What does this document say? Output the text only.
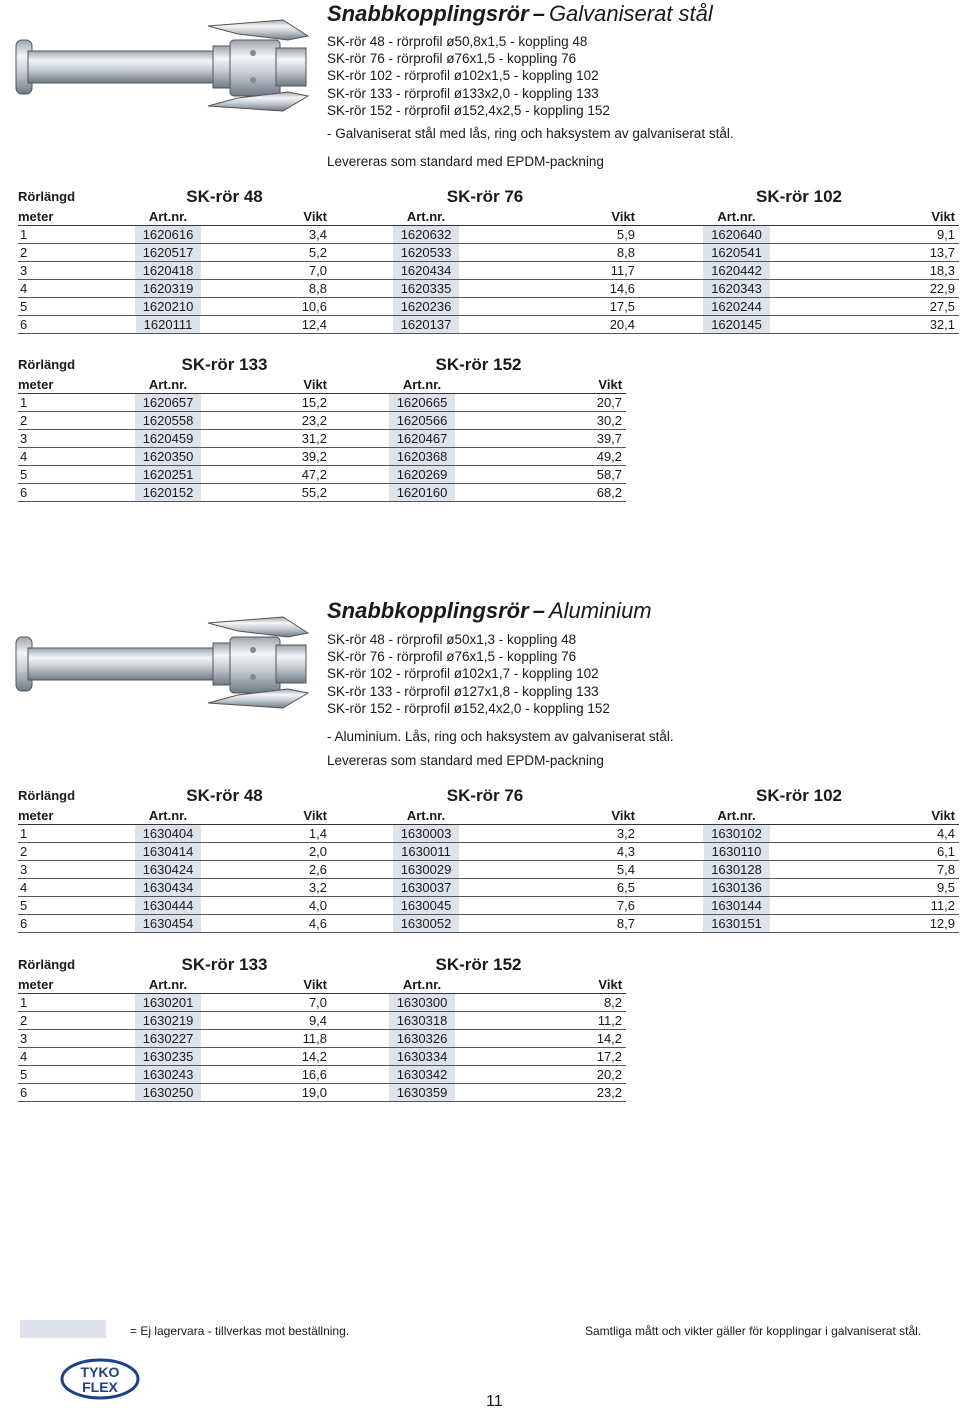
Snabbkopplingsrör – Galvaniserat stål
SK-rör 48 - rörprofil ø50,8x1,5 - koppling 48
SK-rör 76 - rörprofil ø76x1,5 - koppling 76
SK-rör 102 - rörprofil ø102x1,5 - koppling 102
SK-rör 133 - rörprofil ø133x2,0 - koppling 133
SK-rör 152 - rörprofil ø152,4x2,5 - koppling 152
- Galvaniserat stål med lås, ring och haksystem av galvaniserat stål.
Levereras som standard med EPDM-packning
Rörlängd	SK-rör 48		SK-rör 76		SK-rör 102	
meter	Art.nr.	Vikt	Art.nr.	Vikt	Art.nr.	Vikt
1	1620616	3,4	1620632	5,9	1620640	9,1
2	1620517	5,2	1620533	8,8	1620541	13,7
3	1620418	7,0	1620434	11,7	1620442	18,3
4	1620319	8,8	1620335	14,6	1620343	22,9
5	1620210	10,6	1620236	17,5	1620244	27,5
6	1620111	12,4	1620137	20,4	1620145	32,1
Rörlängd	SK-rör 133		SK-rör 152	
meter	Art.nr.	Vikt	Art.nr.	Vikt
1	1620657	15,2	1620665	20,7
2	1620558	23,2	1620566	30,2
3	1620459	31,2	1620467	39,7
4	1620350	39,2	1620368	49,2
5	1620251	47,2	1620269	58,7
6	1620152	55,2	1620160	68,2
Snabbkopplingsrör – Aluminium
SK-rör 48 - rörprofil ø50x1,3 - koppling 48
SK-rör 76 - rörprofil ø76x1,5 - koppling 76
SK-rör 102 - rörprofil ø102x1,7 - koppling 102
SK-rör 133 - rörprofil ø127x1,8 - koppling 133
SK-rör 152 - rörprofil ø152,4x2,0 - koppling 152
- Aluminium. Lås, ring och haksystem av galvaniserat stål.
Levereras som standard med EPDM-packning
Rörlängd	SK-rör 48		SK-rör 76		SK-rör 102	
meter	Art.nr.	Vikt	Art.nr.	Vikt	Art.nr.	Vikt
1	1630404	1,4	1630003	3,2	1630102	4,4
2	1630414	2,0	1630011	4,3	1630110	6,1
3	1630424	2,6	1630029	5,4	1630128	7,8
4	1630434	3,2	1630037	6,5	1630136	9,5
5	1630444	4,0	1630045	7,6	1630144	11,2
6	1630454	4,6	1630052	8,7	1630151	12,9
Rörlängd	SK-rör 133		SK-rör 152	
meter	Art.nr.	Vikt	Art.nr.	Vikt
1	1630201	7,0	1630300	8,2
2	1630219	9,4	1630318	11,2
3	1630227	11,8	1630326	14,2
4	1630235	14,2	1630334	17,2
5	1630243	16,6	1630342	20,2
6	1630250	19,0	1630359	23,2
= Ej lagervara - tillverkas mot beställning.	Samtliga mått och vikter gäller för kopplingar i galvaniserat stål.
TYKO
FLEX
11
